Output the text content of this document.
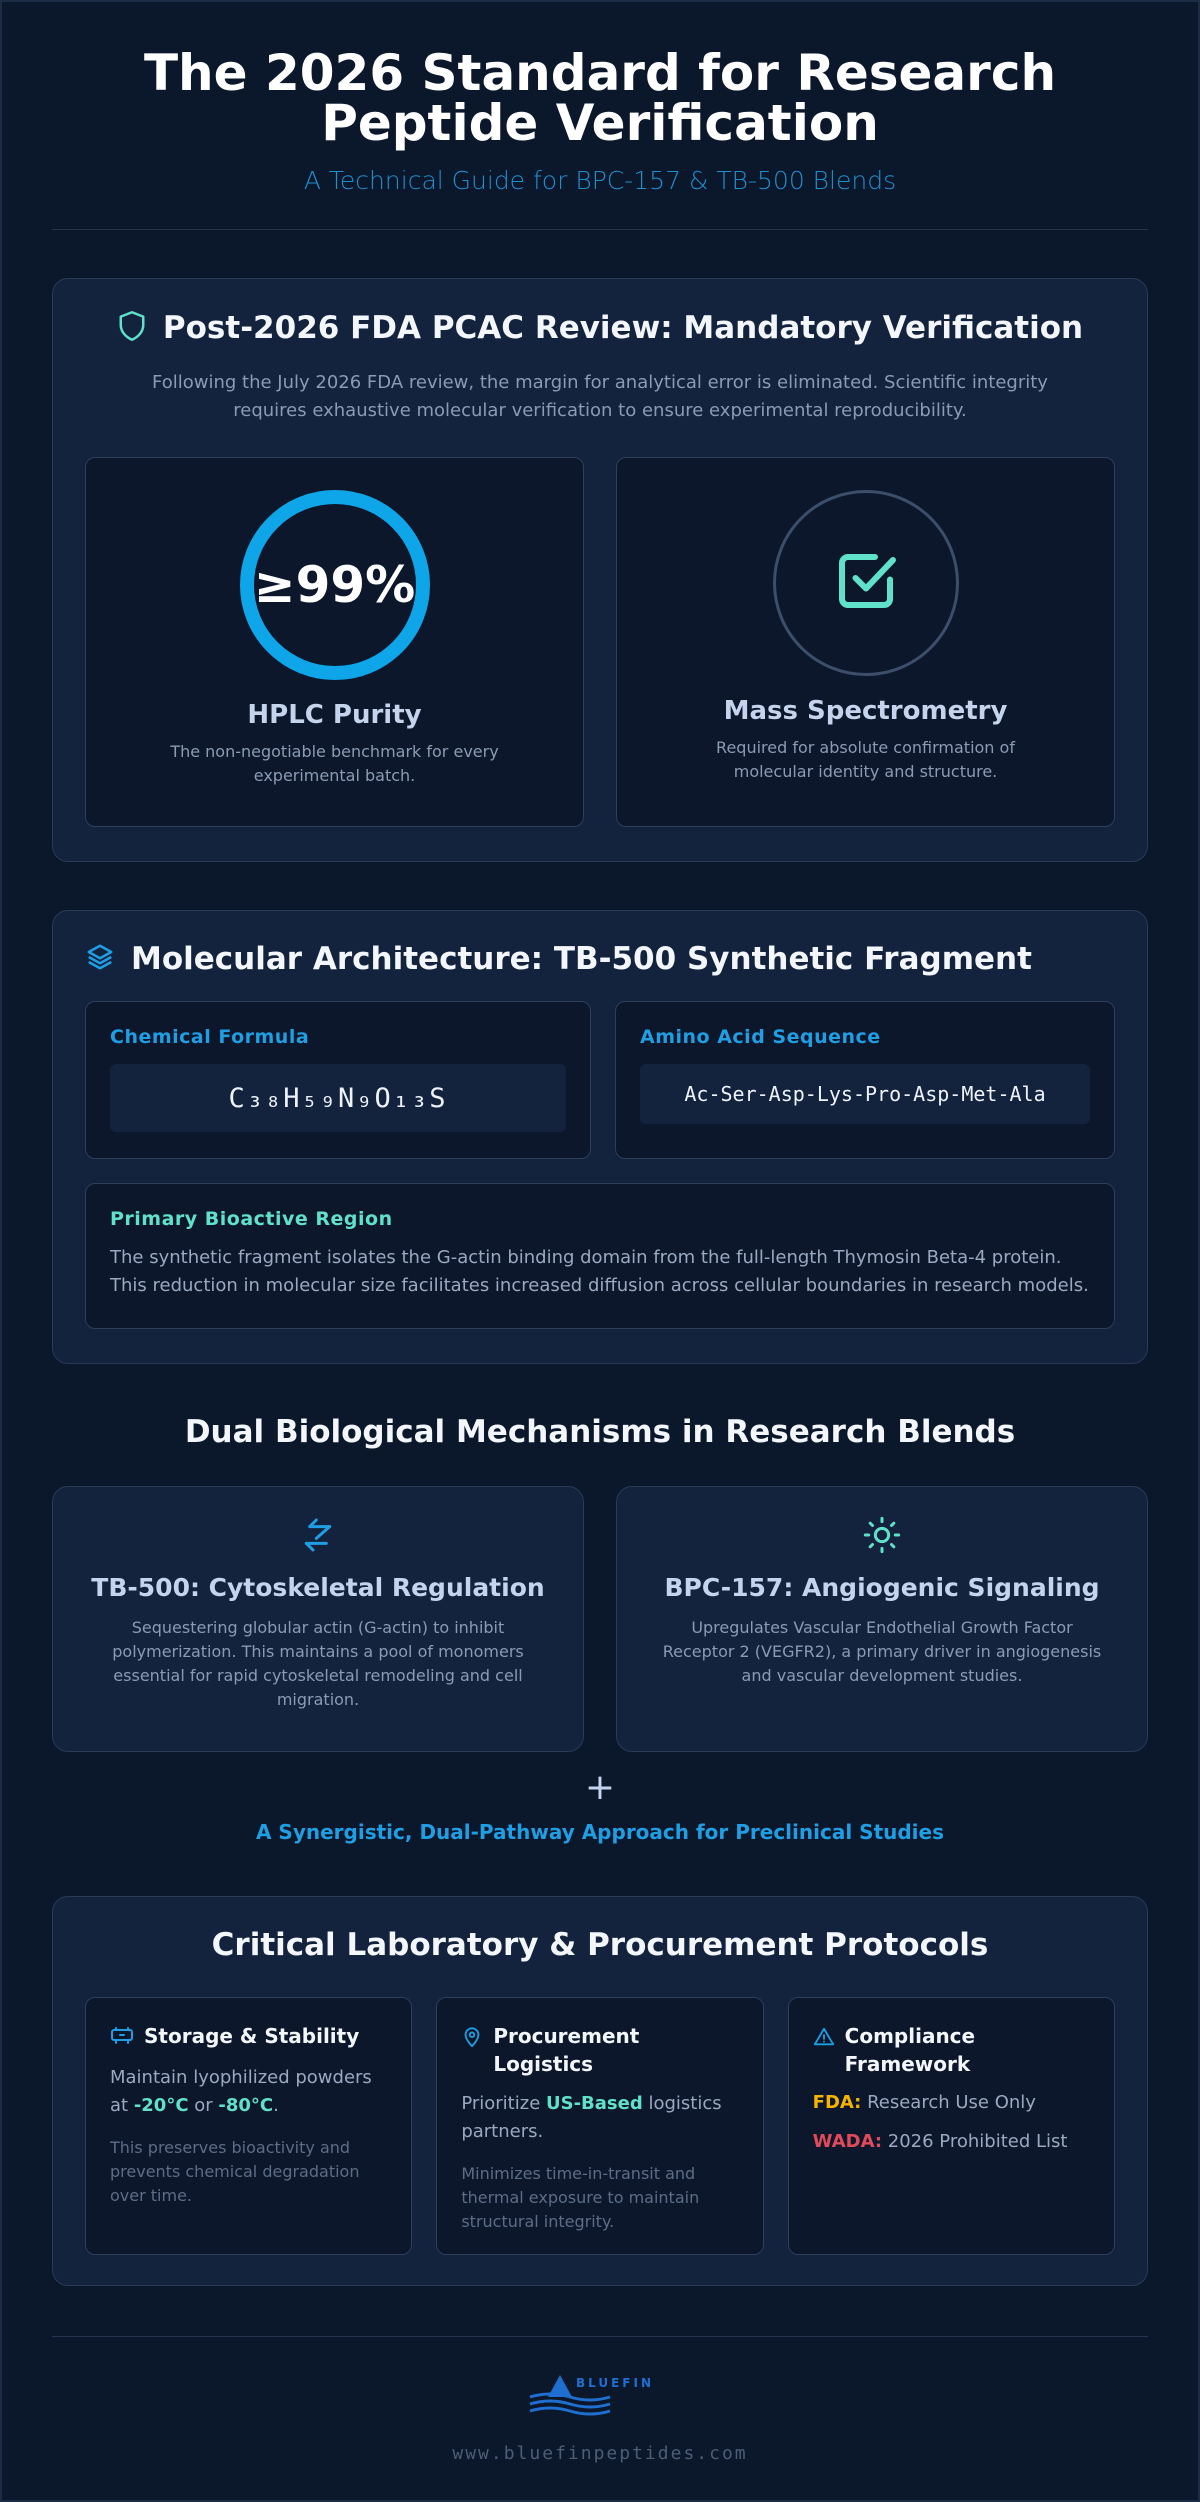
The 2026 Standard for Research Peptide Verification
A Technical Guide for BPC-157 & TB-500 Blends
Post-2026 FDA PCAC Review: Mandatory Verification

Following the July 2026 FDA review, the margin for analytical error is eliminated. Scientific integrity requires exhaustive molecular verification to ensure experimental reproducibility.

≥99%
HPLC Purity

The non-negotiable benchmark for every experimental batch.

Mass Spectrometry

Required for absolute confirmation of molecular identity and structure.

Molecular Architecture: TB-500 Synthetic Fragment
Chemical Formula
C₃₈H₅₉N₉O₁₃S
Amino Acid Sequence
Ac-Ser-Asp-Lys-Pro-Asp-Met-Ala
Primary Bioactive Region

The synthetic fragment isolates the G-actin binding domain from the full-length Thymosin Beta-4 protein. This reduction in molecular size facilitates increased diffusion across cellular boundaries in research models.

Dual Biological Mechanisms in Research Blends
TB-500: Cytoskeletal Regulation

Sequestering globular actin (G-actin) to inhibit polymerization. This maintains a pool of monomers essential for rapid cytoskeletal remodeling and cell migration.

BPC-157: Angiogenic Signaling

Upregulates Vascular Endothelial Growth Factor Receptor 2 (VEGFR2), a primary driver in angiogenesis and vascular development studies.

+
A Synergistic, Dual-Pathway Approach for Preclinical Studies
Critical Laboratory & Procurement Protocols
Storage & Stability
Maintain lyophilized powders at -20°C or -80°C.
This preserves bioactivity and prevents chemical degradation over time.
Procurement Logistics
Prioritize US-Based logistics partners.
Minimizes time-in-transit and thermal exposure to maintain structural integrity.
Compliance Framework
FDA: Research Use Only
WADA: 2026 Prohibited List
BLUEFIN
www.bluefinpeptides.com
